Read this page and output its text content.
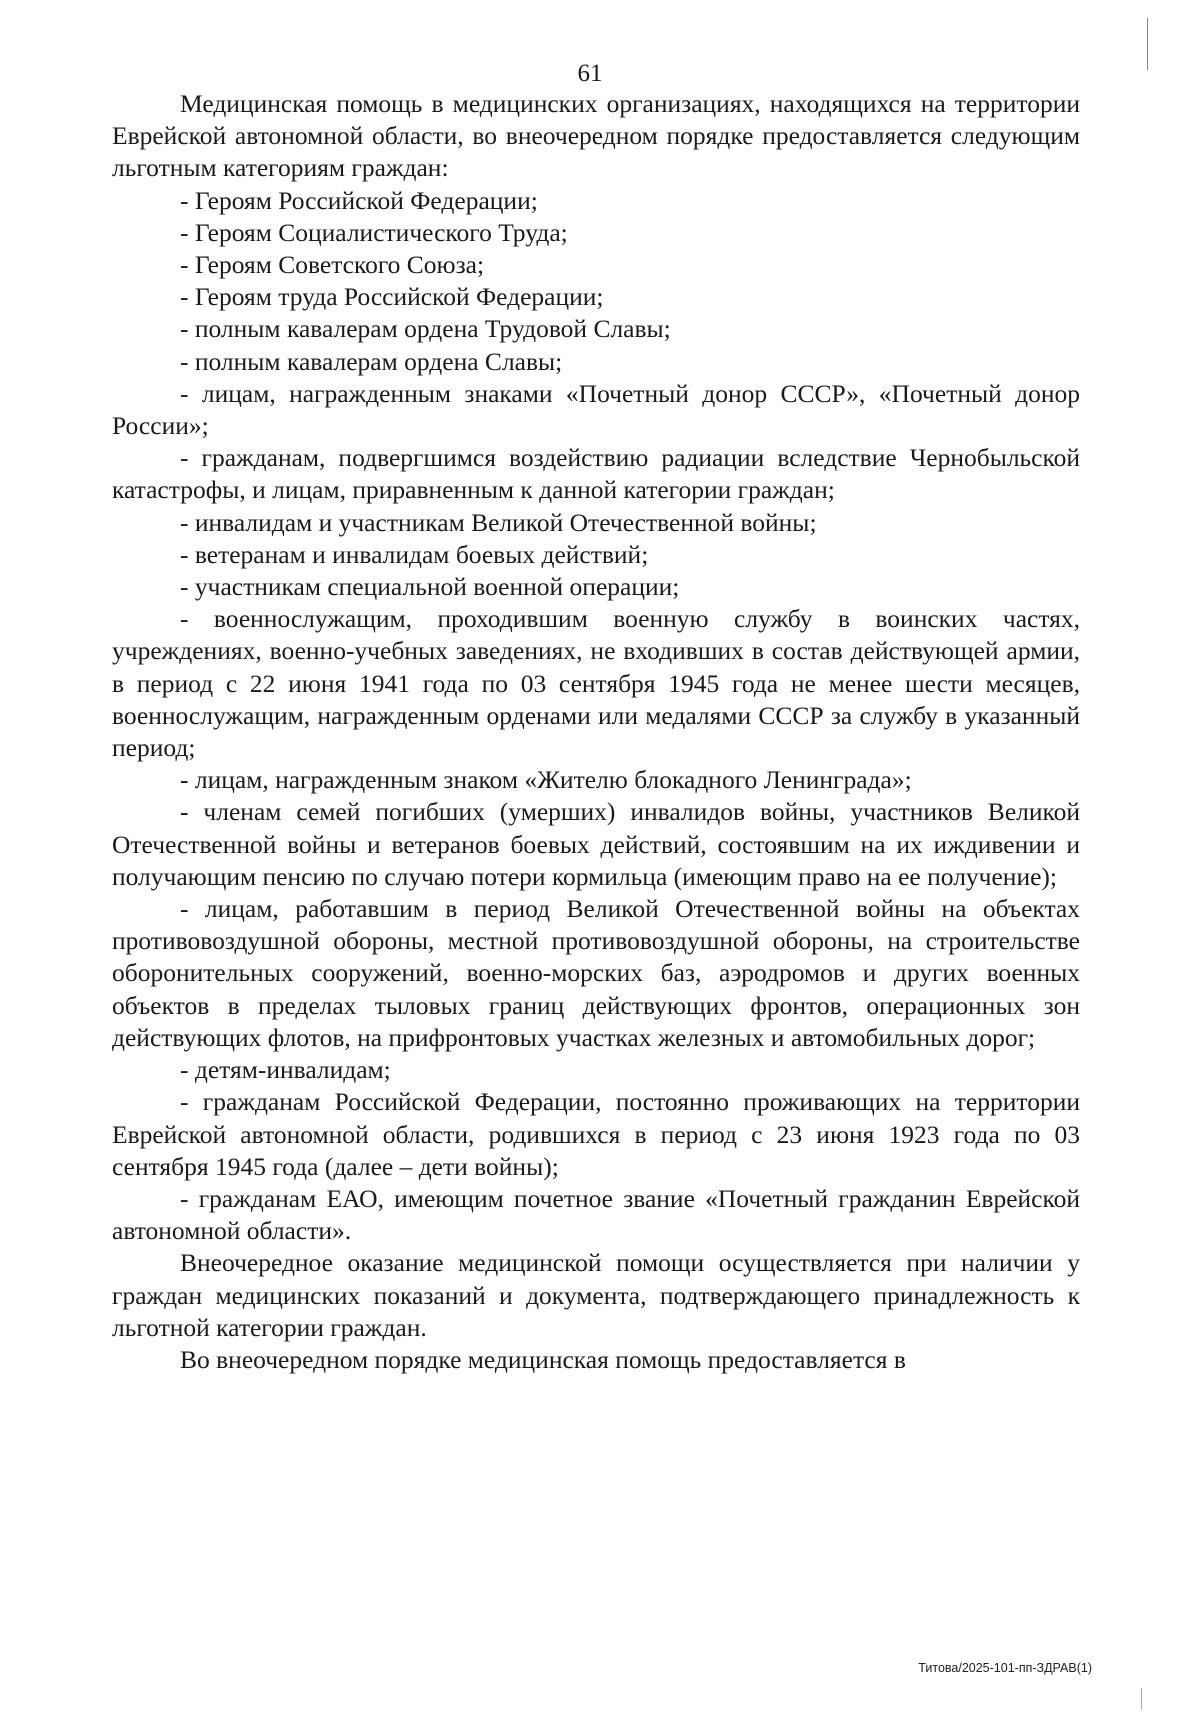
61

Медицинская помощь в медицинских организациях, находящихся на территории Еврейской автономной области, во внеочередном порядке предоставляется следующим льготным категориям граждан:

- Героям Российской Федерации;

- Героям Социалистического Труда;

- Героям Советского Союза;

- Героям труда Российской Федерации;

- полным кавалерам ордена Трудовой Славы;

- полным кавалерам ордена Славы;

- лицам, награжденным знаками «Почетный донор СССР», «Почетный донор России»;

- гражданам, подвергшимся воздействию радиации вследствие Чернобыльской катастрофы, и лицам, приравненным к данной категории граждан;

- инвалидам и участникам Великой Отечественной войны;

- ветеранам и инвалидам боевых действий;

- участникам специальной военной операции;

- военнослужащим, проходившим военную службу в воинских частях, учреждениях, военно-учебных заведениях, не входивших в состав действующей армии, в период с 22 июня 1941 года по 03 сентября 1945 года не менее шести месяцев, военнослужащим, награжденным орденами или медалями СССР за службу в указанный период;

- лицам, награжденным знаком «Жителю блокадного Ленинграда»;

- членам семей погибших (умерших) инвалидов войны, участников Великой Отечественной войны и ветеранов боевых действий, состоявшим на их иждивении и получающим пенсию по случаю потери кормильца (имеющим право на ее получение);

- лицам, работавшим в период Великой Отечественной войны на объектах противовоздушной обороны, местной противовоздушной обороны, на строительстве оборонительных сооружений, военно-морских баз, аэродромов и других военных объектов в пределах тыловых границ действующих фронтов, операционных зон действующих флотов, на прифронтовых участках железных и автомобильных дорог;

- детям-инвалидам;

- гражданам Российской Федерации, постоянно проживающих на территории Еврейской автономной области, родившихся в период с 23 июня 1923 года по 03 сентября 1945 года (далее – дети войны);

- гражданам ЕАО, имеющим почетное звание «Почетный гражданин Еврейской автономной области».

Внеочередное оказание медицинской помощи осуществляется при наличии у граждан медицинских показаний и документа, подтверждающего принадлежность к льготной категории граждан.

Во внеочередном порядке медицинская помощь предоставляется в

Титова/2025-101-пп-ЗДРАВ(1)
